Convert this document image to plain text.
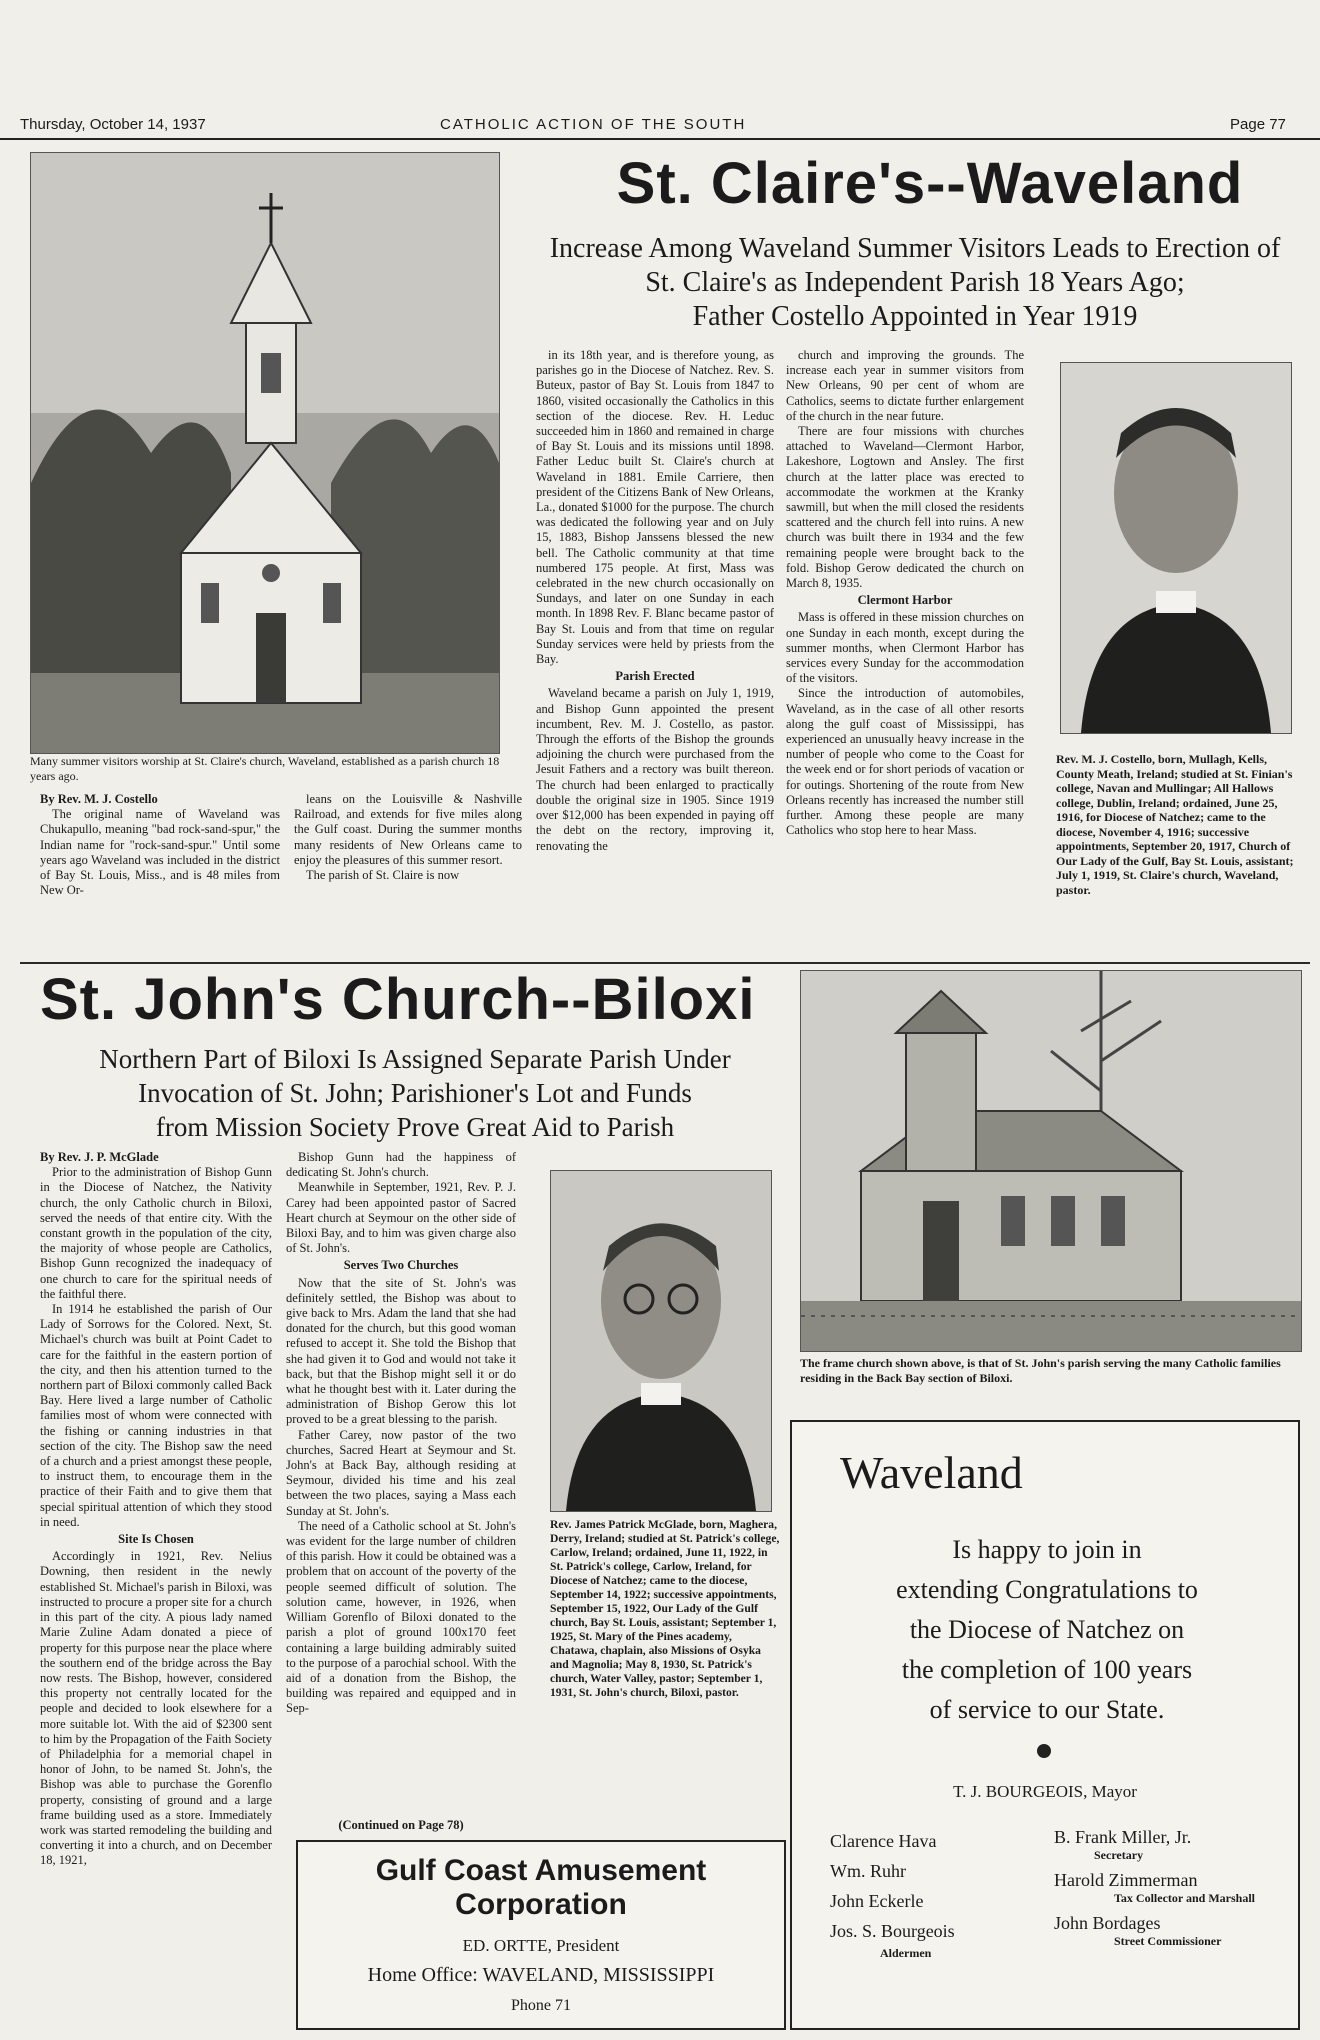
Thursday, October 14, 1937	CATHOLIC ACTION OF THE SOUTH	Page 77
Many summer visitors worship at St. Claire's church, Waveland, established as a parish church 18 years ago.
St. Claire's--Waveland
Increase Among Waveland Summer Visitors Leads to Erection of
St. Claire's as Independent Parish 18 Years Ago;
Father Costello Appointed in Year 1919
By Rev. M. J. Costello

The original name of Waveland was Chukapullo, meaning "bad rock-sand-spur," the Indian name for "rock-sand-spur." Until some years ago Waveland was included in the district of Bay St. Louis, Miss., and is 48 miles from New Or-

leans on the Louisville & Nashville Railroad, and extends for five miles along the Gulf coast. During the summer months many residents of New Orleans came to enjoy the pleasures of this summer resort.

The parish of St. Claire is now

in its 18th year, and is therefore young, as parishes go in the Diocese of Natchez. Rev. S. Buteux, pastor of Bay St. Louis from 1847 to 1860, visited occasionally the Catholics in this section of the diocese. Rev. H. Leduc succeeded him in 1860 and remained in charge of Bay St. Louis and its missions until 1898. Father Leduc built St. Claire's church at Waveland in 1881. Emile Carriere, then president of the Citizens Bank of New Orleans, La., donated $1000 for the purpose. The church was dedicated the following year and on July 15, 1883, Bishop Janssens blessed the new bell. The Catholic community at that time numbered 175 people. At first, Mass was celebrated in the new church occasionally on Sundays, and later on one Sunday in each month. In 1898 Rev. F. Blanc became pastor of Bay St. Louis and from that time on regular Sunday services were held by priests from the Bay.

Parish Erected

Waveland became a parish on July 1, 1919, and Bishop Gunn appointed the present incumbent, Rev. M. J. Costello, as pastor. Through the efforts of the Bishop the grounds adjoining the church were purchased from the Jesuit Fathers and a rectory was built thereon. The church had been enlarged to practically double the original size in 1905. Since 1919 over $12,000 has been expended in paying off the debt on the rectory, improving it, renovating the

church and improving the grounds. The increase each year in summer visitors from New Orleans, 90 per cent of whom are Catholics, seems to dictate further enlargement of the church in the near future.

There are four missions with churches attached to Waveland—Clermont Harbor, Lakeshore, Logtown and Ansley. The first church at the latter place was erected to accommodate the workmen at the Kranky sawmill, but when the mill closed the residents scattered and the church fell into ruins. A new church was built there in 1934 and the few remaining people were brought back to the fold. Bishop Gerow dedicated the church on March 8, 1935.

Clermont Harbor

Mass is offered in these mission churches on one Sunday in each month, except during the summer months, when Clermont Harbor has services every Sunday for the accommodation of the visitors.

Since the introduction of automobiles, Waveland, as in the case of all other resorts along the gulf coast of Mississippi, has experienced an unusually heavy increase in the number of people who come to the Coast for the week end or for short periods of vacation or for outings. Shortening of the route from New Orleans recently has increased the number still further. Among these people are many Catholics who stop here to hear Mass.

Rev. M. J. Costello, born, Mullagh, Kells, County Meath, Ireland; studied at St. Finian's college, Navan and Mullingar; All Hallows college, Dublin, Ireland; ordained, June 25, 1916, for Diocese of Natchez; came to the diocese, November 4, 1916; successive appointments, September 20, 1917, Church of Our Lady of the Gulf, Bay St. Louis, assistant; July 1, 1919, St. Claire's church, Waveland, pastor.
St. John's Church--Biloxi
Northern Part of Biloxi Is Assigned Separate Parish Under
Invocation of St. John; Parishioner's Lot and Funds
from Mission Society Prove Great Aid to Parish
By Rev. J. P. McGlade

Prior to the administration of Bishop Gunn in the Diocese of Natchez, the Nativity church, the only Catholic church in Biloxi, served the needs of that entire city. With the constant growth in the population of the city, the majority of whose people are Catholics, Bishop Gunn recognized the inadequacy of one church to care for the spiritual needs of the faithful there.

In 1914 he established the parish of Our Lady of Sorrows for the Colored. Next, St. Michael's church was built at Point Cadet to care for the faithful in the eastern portion of the city, and then his attention turned to the northern part of Biloxi commonly called Back Bay. Here lived a large number of Catholic families most of whom were connected with the fishing or canning industries in that section of the city. The Bishop saw the need of a church and a priest amongst these people, to instruct them, to encourage them in the practice of their Faith and to give them that special spiritual attention of which they stood in need.

Site Is Chosen

Accordingly in 1921, Rev. Nelius Downing, then resident in the newly established St. Michael's parish in Biloxi, was instructed to procure a proper site for a church in this part of the city. A pious lady named Marie Zuline Adam donated a piece of property for this purpose near the place where the southern end of the bridge across the Bay now rests. The Bishop, however, considered this property not centrally located for the people and decided to look elsewhere for a more suitable lot. With the aid of $2300 sent to him by the Propagation of the Faith Society of Philadelphia for a memorial chapel in honor of John, to be named St. John's, the Bishop was able to purchase the Gorenflo property, consisting of ground and a large frame building used as a store. Immediately work was started remodeling the building and converting it into a church, and on December 18, 1921,

Bishop Gunn had the happiness of dedicating St. John's church.

Meanwhile in September, 1921, Rev. P. J. Carey had been appointed pastor of Sacred Heart church at Seymour on the other side of Biloxi Bay, and to him was given charge also of St. John's.

Serves Two Churches

Now that the site of St. John's was definitely settled, the Bishop was about to give back to Mrs. Adam the land that she had donated for the church, but this good woman refused to accept it. She told the Bishop that she had given it to God and would not take it back, but that the Bishop might sell it or do what he thought best with it. Later during the administration of Bishop Gerow this lot proved to be a great blessing to the parish.

Father Carey, now pastor of the two churches, Sacred Heart at Seymour and St. John's at Back Bay, although residing at Seymour, divided his time and his zeal between the two places, saying a Mass each Sunday at St. John's.

The need of a Catholic school at St. John's was evident for the large number of children of this parish. How it could be obtained was a problem that on account of the poverty of the people seemed difficult of solution. The solution came, however, in 1926, when William Gorenflo of Biloxi donated to the parish a plot of ground 100x170 feet containing a large building admirably suited to the purpose of a parochial school. With the aid of a donation from the Bishop, the building was repaired and equipped and in Sep-

(Continued on Page 78)
Rev. James Patrick McGlade, born, Maghera, Derry, Ireland; studied at St. Patrick's college, Carlow, Ireland; ordained, June 11, 1922, in St. Patrick's college, Carlow, Ireland, for Diocese of Natchez; came to the diocese, September 14, 1922; successive appointments, September 15, 1922, Our Lady of the Gulf church, Bay St. Louis, assistant; September 1, 1925, St. Mary of the Pines academy, Chatawa, chaplain, also Missions of Osyka and Magnolia; May 8, 1930, St. Patrick's church, Water Valley, pastor; September 1, 1931, St. John's church, Biloxi, pastor.
The frame church shown above, is that of St. John's parish serving the many Catholic families residing in the Back Bay section of Biloxi.
Gulf Coast Amusement Corporation
ED. ORTTE, President
Home Office: WAVELAND, MISSISSIPPI
Phone 71
Waveland
Is happy to join in
extending Congratulations to
the Diocese of Natchez on
the completion of 100 years
of service to our State.
T. J. BOURGEOIS, Mayor
Clarence Hava
Wm. Ruhr
John Eckerle
Jos. S. Bourgeois
Aldermen
B. Frank Miller, Jr.
Secretary
Harold Zimmerman
Tax Collector and Marshall
John Bordages
Street Commissioner
